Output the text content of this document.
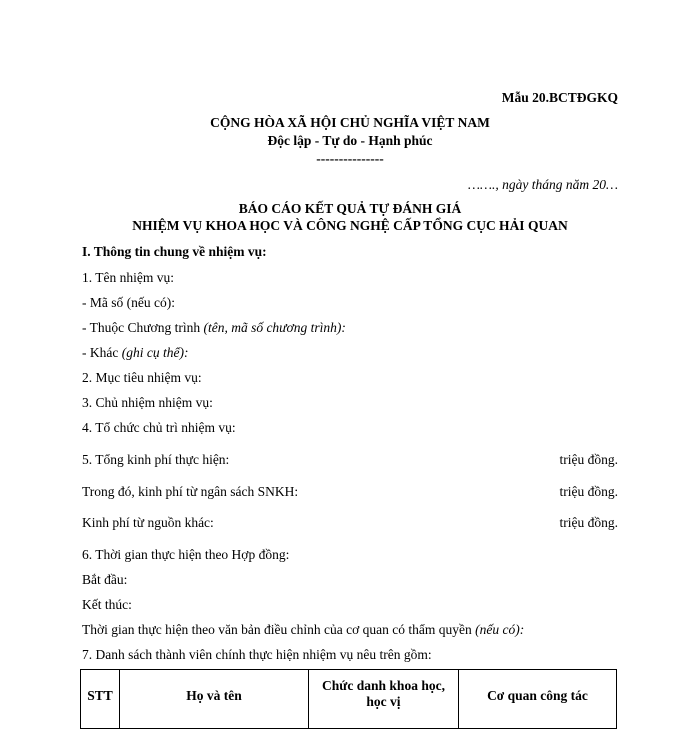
Mẫu 20.BCTĐGKQ
CỘNG HÒA XÃ HỘI CHỦ NGHĨA VIỆT NAM
Độc lập - Tự do - Hạnh phúc
---------------
……., ngày tháng năm 20…
BÁO CÁO KẾT QUẢ TỰ ĐÁNH GIÁ
NHIỆM VỤ KHOA HỌC VÀ CÔNG NGHỆ CẤP TỔNG CỤC HẢI QUAN
I. Thông tin chung về nhiệm vụ:
1. Tên nhiệm vụ:
- Mã số (nếu có):
- Thuộc Chương trình (tên, mã số chương trình):
- Khác (ghi cụ thể):
2. Mục tiêu nhiệm vụ:
3. Chủ nhiệm nhiệm vụ:
4. Tổ chức chủ trì nhiệm vụ:
5. Tổng kinh phí thực hiện:	triệu đồng.
Trong đó, kinh phí từ ngân sách SNKH:	triệu đồng.
Kinh phí từ nguồn khác:	triệu đồng.
6. Thời gian thực hiện theo Hợp đồng:
Bắt đầu:
Kết thúc:
Thời gian thực hiện theo văn bản điều chỉnh của cơ quan có thẩm quyền (nếu có):
7. Danh sách thành viên chính thực hiện nhiệm vụ nêu trên gồm:
STT	Họ và tên	Chức danh khoa học, học vị	Cơ quan công tác
